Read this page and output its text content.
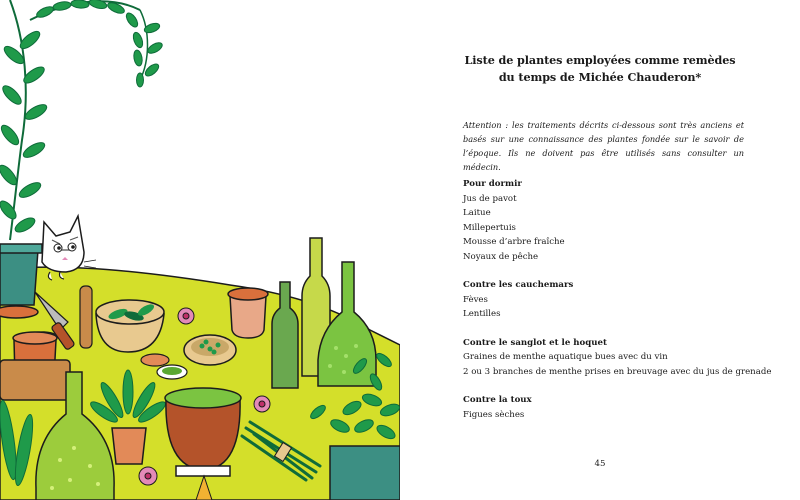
Liste de plantes employées comme remèdes
du temps de Michée Chauderon*

Attention : les traitements décrits ci-dessous sont très anciens et basés sur une connaissance des plantes fondée sur le savoir de l’époque. Ils ne doivent pas être utilisés sans consulter un médecin.

Pour dormir
Jus de pavot
Laitue
Millepertuis
Mousse d’arbre fraîche
Noyaux de pêche
Contre les cauchemars
Fèves
Lentilles
Contre le sanglot et le hoquet
Graines de menthe aquatique bues avec du vin
2 ou 3 branches de menthe prises en breuvage avec du jus de grenade
Contre la toux
Figues sèches
45
